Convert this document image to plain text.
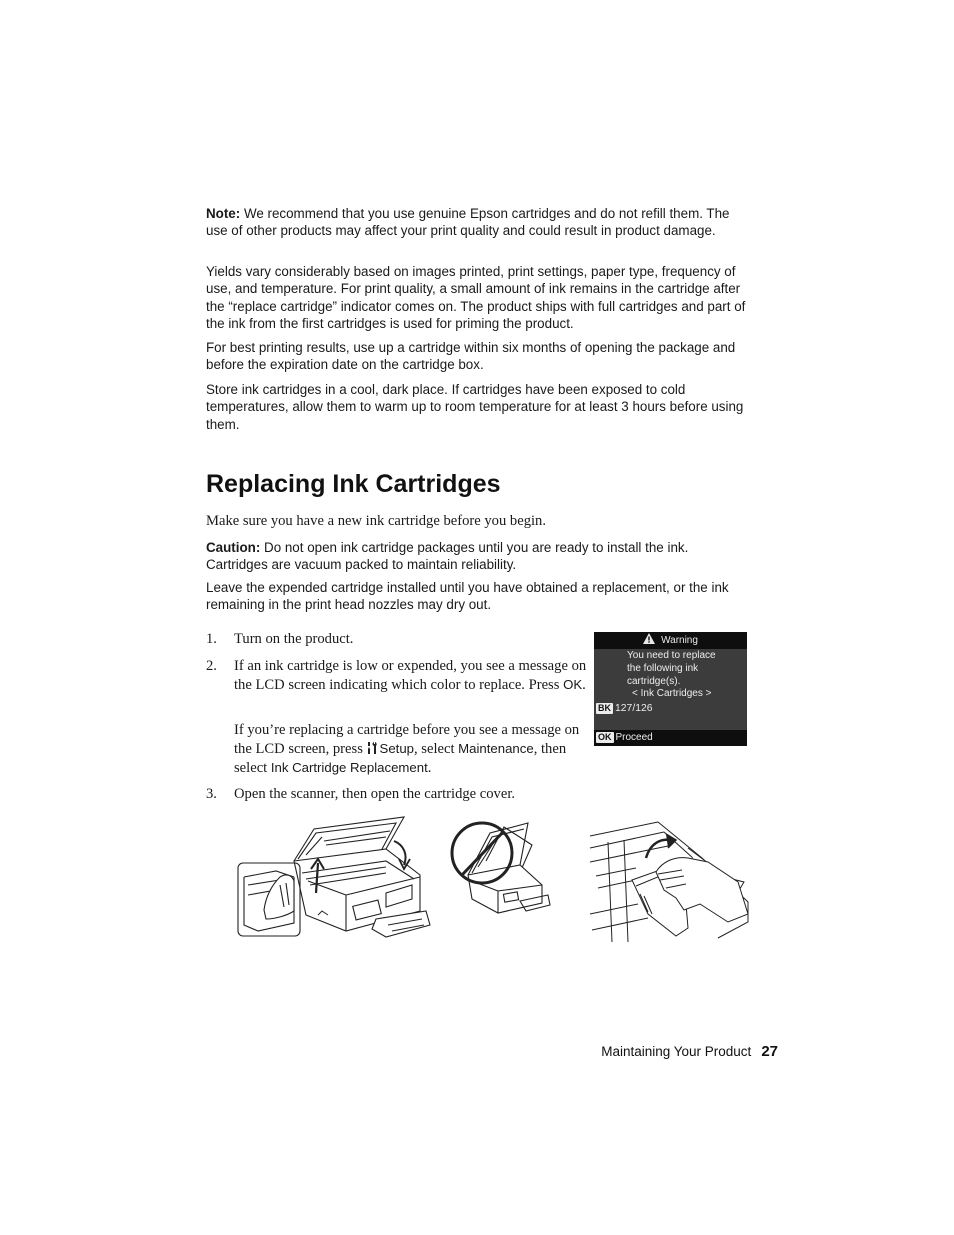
Note: We recommend that you use genuine Epson cartridges and do not refill them. The use of other products may affect your print quality and could result in product damage.

Yields vary considerably based on images printed, print settings, paper type, frequency of use, and temperature. For print quality, a small amount of ink remains in the cartridge after the “replace cartridge” indicator comes on. The product ships with full cartridges and part of the ink from the first cartridges is used for priming the product.

For best printing results, use up a cartridge within six months of opening the package and before the expiration date on the cartridge box.

Store ink cartridges in a cool, dark place. If cartridges have been exposed to cold temperatures, allow them to warm up to room temperature for at least 3 hours before using them.

Replacing Ink Cartridges

Make sure you have a new ink cartridge before you begin.

Caution: Do not open ink cartridge packages until you are ready to install the ink. Cartridges are vacuum packed to maintain reliability.

Leave the expended cartridge installed until you have obtained a replacement, or the ink remaining in the print head nozzles may dry out.

1. Turn on the product.
2. If an ink cartridge is low or expended, you see a message on the LCD screen indicating which color to replace. Press OK.
If you’re replacing a cartridge before you see a message on the LCD screen, press Setup, select Maintenance, then select Ink Cartridge Replacement.
3. Open the scanner, then open the cartridge cover.
Warning
You need to replace
the following ink
cartridge(s).
< Ink Cartridges >
BK 127/126
OK Proceed
Maintaining Your Product 27
